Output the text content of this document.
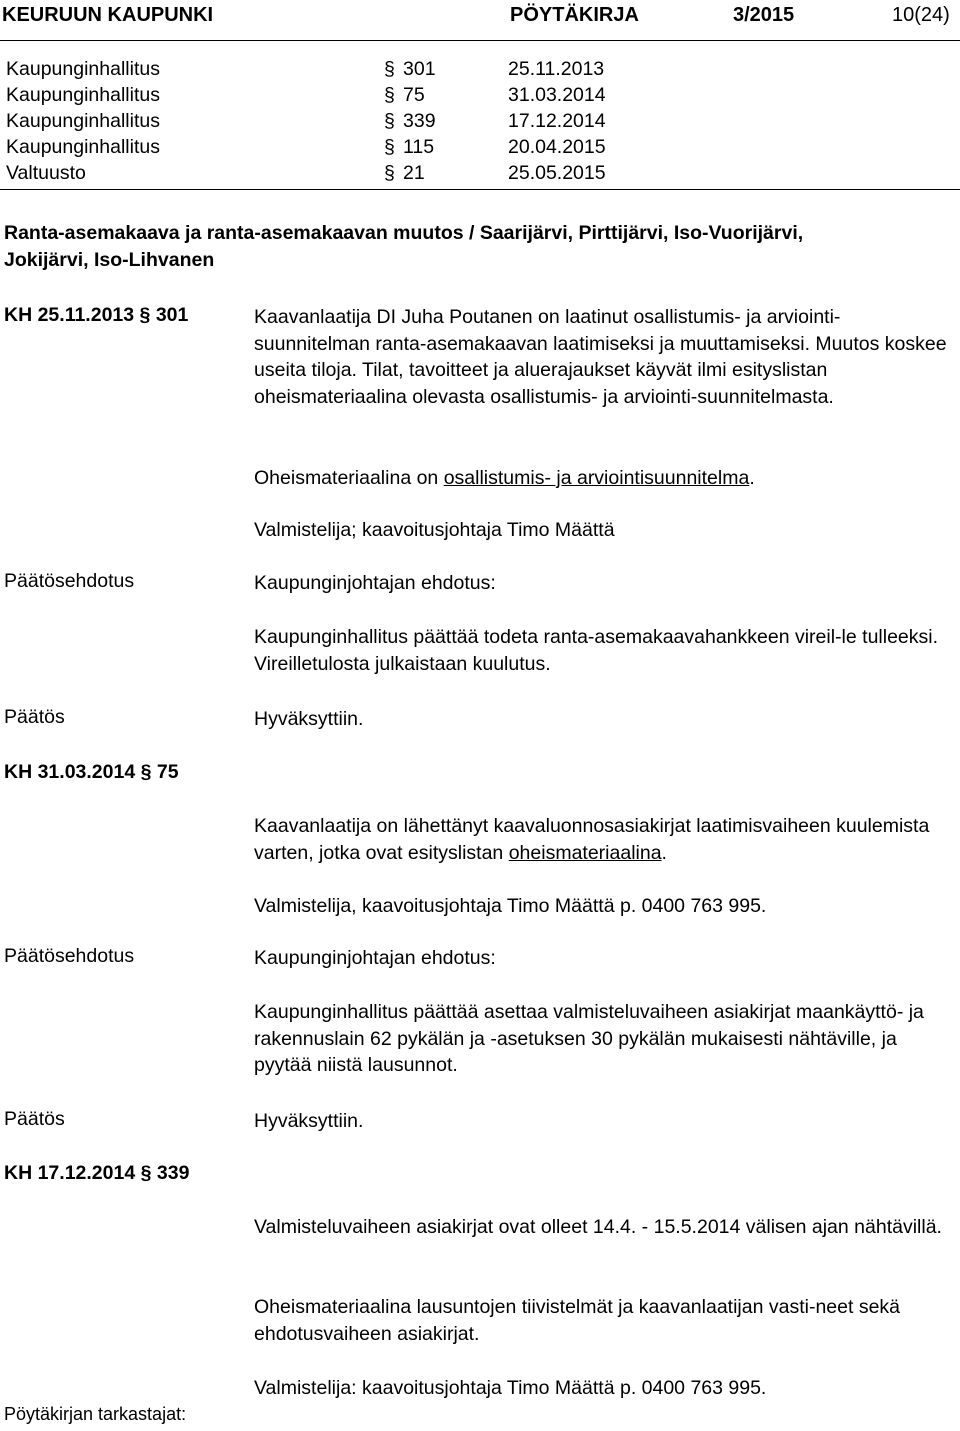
KEURUUN KAUPUNKI	PÖYTÄKIRJA	3/2015	10(24)
Kaupunginhallitus	§ 301	25.11.2013
Kaupunginhallitus	§ 75	31.03.2014
Kaupunginhallitus	§ 339	17.12.2014
Kaupunginhallitus	§ 115	20.04.2015
Valtuusto	§ 21	25.05.2015
Ranta-asemakaava ja ranta-asemakaavan muutos / Saarijärvi, Pirttijärvi, Iso-Vuorijärvi,
Jokijärvi, Iso-Lihvanen
KH 25.11.2013 § 301	Kaavanlaatija DI Juha Poutanen on laatinut osallistumis- ja arviointi-suunnitelman ranta-asemakaavan laatimiseksi ja muuttamiseksi. Muutos koskee useita tiloja. Tilat, tavoitteet ja aluerajaukset käyvät ilmi esityslistan oheismateriaalina olevasta osallistumis- ja arviointi-suunnitelmasta.
Oheismateriaalina on osallistumis- ja arviointisuunnitelma.
Valmistelija; kaavoitusjohtaja Timo Määttä
Päätösehdotus	Kaupunginjohtajan ehdotus:
Kaupunginhallitus päättää todeta ranta-asemakaavahankkeen vireil-le tulleeksi. Vireilletulosta julkaistaan kuulutus.
Päätös	Hyväksyttiin.
KH 31.03.2014 § 75
Kaavanlaatija on lähettänyt kaavaluonnosasiakirjat laatimisvaiheen kuulemista varten, jotka ovat esityslistan oheismateriaalina.
Valmistelija, kaavoitusjohtaja Timo Määttä p. 0400 763 995.
Päätösehdotus	Kaupunginjohtajan ehdotus:
Kaupunginhallitus päättää asettaa valmisteluvaiheen asiakirjat maankäyttö- ja rakennuslain 62 pykälän ja -asetuksen 30 pykälän mukaisesti nähtäville, ja pyytää niistä lausunnot.
Päätös	Hyväksyttiin.
KH 17.12.2014 § 339
Valmisteluvaiheen asiakirjat ovat olleet 14.4. - 15.5.2014 välisen ajan nähtävillä.
Oheismateriaalina lausuntojen tiivistelmät ja kaavanlaatijan vasti-neet sekä ehdotusvaiheen asiakirjat.
Valmistelija: kaavoitusjohtaja Timo Määttä p. 0400 763 995.
Pöytäkirjan tarkastajat:
